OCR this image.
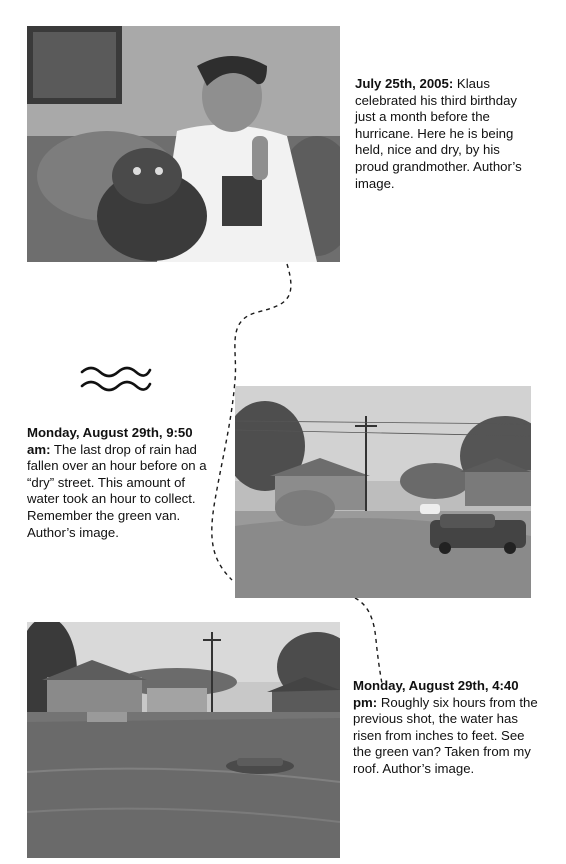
July 25th, 2005: Klaus celebrated his third birthday just a month before the hurricane. Here he is being held, nice and dry, by his proud grandmother. Author’s image.
Monday, August 29th, 9:50 am: The last drop of rain had fallen over an hour before on a “dry” street. This amount of water took an hour to collect. Remember the green van. Author’s image.
Monday, August 29th, 4:40 pm: Roughly six hours from the previous shot, the water has risen from inches to feet. See the green van? Taken from my roof. Author’s image.
